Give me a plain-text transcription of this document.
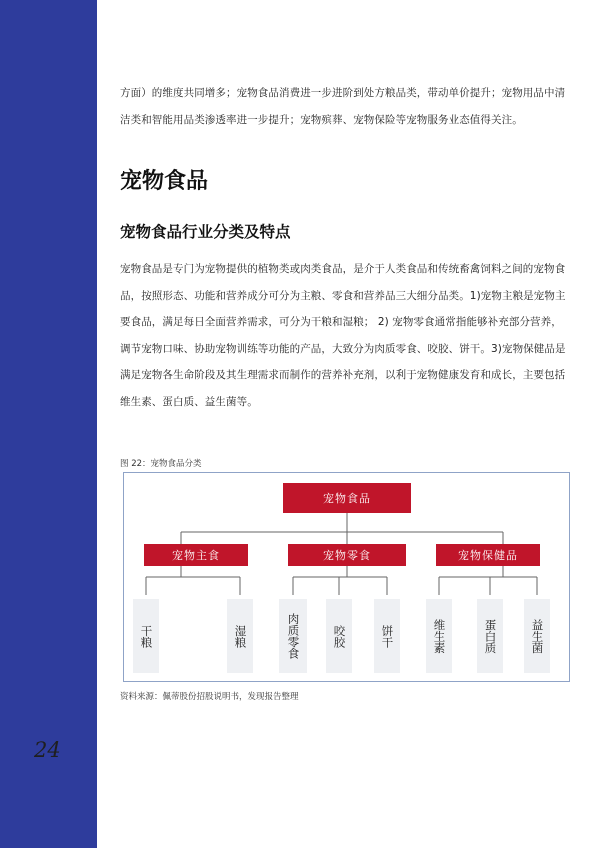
24

方面）的维度共同增多；宠物食品消费进一步进阶到处方粮品类，带动单价提升；宠物用品中清洁类和智能用品类渗透率进一步提升；宠物殡葬、宠物保险等宠物服务业态值得关注。

宠物食品
宠物食品行业分类及特点

宠物食品是专门为宠物提供的植物类或肉类食品，是介于人类食品和传统畜禽饲料之间的宠物食品，按照形态、功能和营养成分可分为主粮、零食和营养品三大细分品类。1)宠物主粮是宠物主要食品，满足每日全面营养需求，可分为干粮和湿粮； 2) 宠物零食通常指能够补充部分营养，调节宠物口味、协助宠物训练等功能的产品，大致分为肉质零食、咬胶、饼干。3)宠物保健品是满足宠物各生命阶段及其生理需求而制作的营养补充剂，以利于宠物健康发育和成长，主要包括维生素、蛋白质、益生菌等。

图 22：宠物食品分类
资料来源：佩蒂股份招股说明书，发现报告整理
宠物食品
宠物主食	宠物零食	宠物保健品
干粮	湿粮	肉质零食	咬胶	饼干	维生素	蛋白质	益生菌
